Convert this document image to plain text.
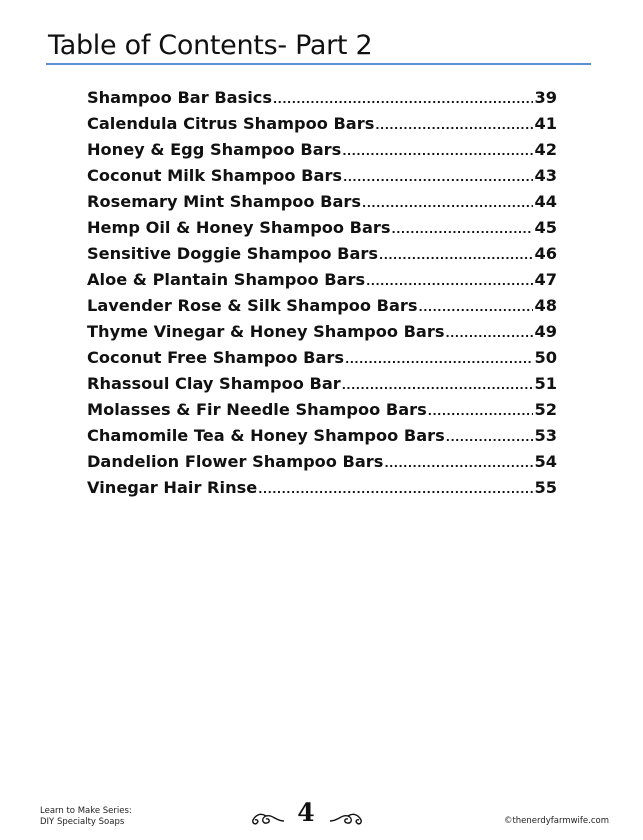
Table of Contents- Part 2
Shampoo Bar Basics .....	39
Calendula Citrus Shampoo Bars .....	41
Honey & Egg Shampoo Bars .....	42
Coconut Milk Shampoo Bars .....	43
Rosemary Mint Shampoo Bars .....	44
Hemp Oil & Honey Shampoo Bars .....	45
Sensitive Doggie Shampoo Bars .....	46
Aloe & Plantain Shampoo Bars .....	47
Lavender Rose & Silk Shampoo Bars .....	48
Thyme Vinegar & Honey Shampoo Bars .....	49
Coconut Free Shampoo Bars .....	50
Rhassoul Clay Shampoo Bar .....	51
Molasses & Fir Needle Shampoo Bars .....	52
Chamomile Tea & Honey Shampoo Bars .....	53
Dandelion Flower Shampoo Bars .....	54
Vinegar Hair Rinse .....	55
Learn to Make Series:
DIY Specialty Soaps	4	©thenerdyfarmwife.com
